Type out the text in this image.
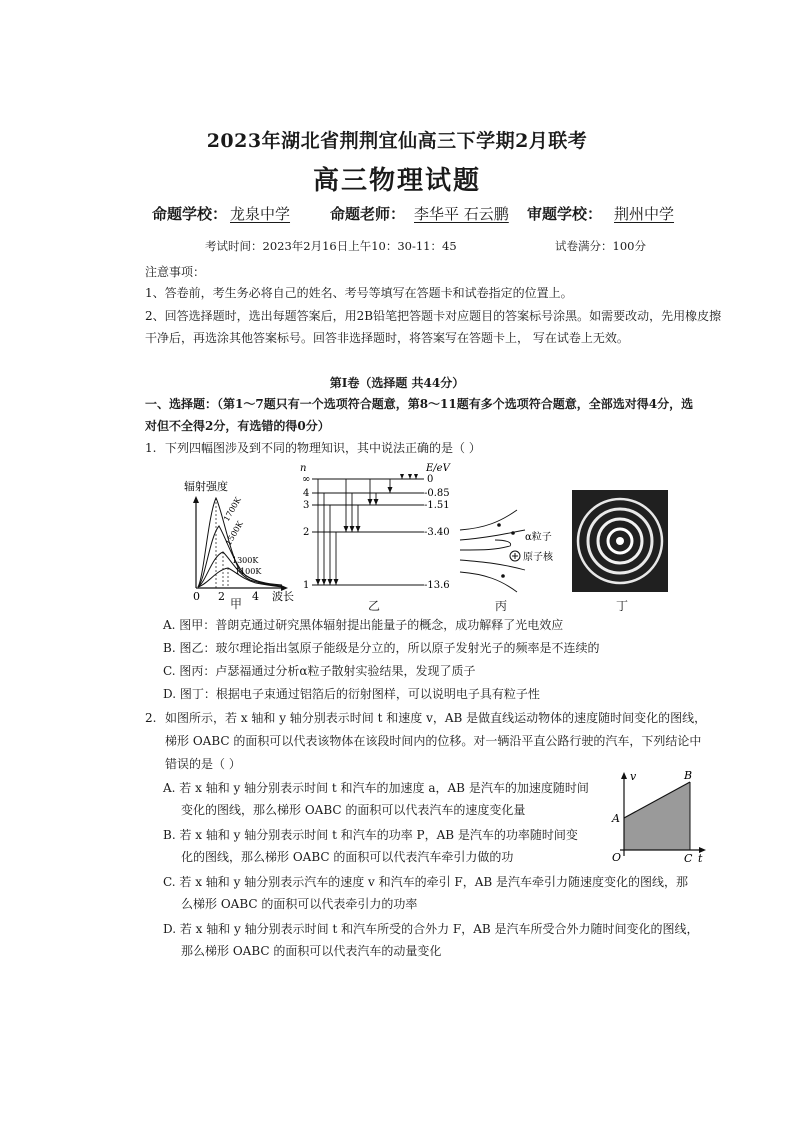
2023年湖北省荆荆宜仙高三下学期2月联考
高三物理试题
命题学校： 龙泉中学	命题老师： 李华平 石云鹏 审题学校： 荆州中学
考试时间：2023年2月16日上午10：30-11：45	试卷满分：100分
注意事项：
1、答卷前，考生务必将自己的姓名、考号等填写在答题卡和试卷指定的位置上。
2、回答选择题时，选出每题答案后，用2B铅笔把答题卡对应题目的答案标号涂黑。如需要改动，先用橡皮擦
干净后，再选涂其他答案标号。回答非选择题时，将答案写在答题卡上， 写在试卷上无效。
第Ⅰ卷（选择题 共44分）
一、选择题：（第1～7题只有一个选项符合题意，第8～11题有多个选项符合题意，全部选对得4分，选
对但不全得2分，有选错的得0分）
1. 下列四幅图涉及到不同的物理知识，其中说法正确的是（ ）
辐射强度
1700K
1500K
1300K
1100K
0 2 4 波长
甲
n	E/eV
∞
4
3
2
1
0
-0.85
-1.51
-3.40
-13.6
乙
α粒子
原子核
丙	丁
A. 图甲：普朗克通过研究黑体辐射提出能量子的概念，成功解释了光电效应
B. 图乙：玻尔理论指出氢原子能级是分立的，所以原子发射光子的频率是不连续的
C. 图丙：卢瑟福通过分析α粒子散射实验结果，发现了质子
D. 图丁：根据电子束通过铝箔后的衍射图样，可以说明电子具有粒子性
2. 如图所示，若 x 轴和 y 轴分别表示时间 t 和速度 v，AB 是做直线运动物体的速度随时间变化的图线，
梯形 OABC 的面积可以代表该物体在该段时间内的位移。对一辆沿平直公路行驶的汽车，下列结论中
错误的是（ ）
v
t
O
A
B
C
A. 若 x 轴和 y 轴分别表示时间 t 和汽车的加速度 a，AB 是汽车的加速度随时间
变化的图线，那么梯形 OABC 的面积可以代表汽车的速度变化量
B. 若 x 轴和 y 轴分别表示时间 t 和汽车的功率 P，AB 是汽车的功率随时间变
化的图线，那么梯形 OABC 的面积可以代表汽车牵引力做的功
C. 若 x 轴和 y 轴分别表示汽车的速度 v 和汽车的牵引 F，AB 是汽车牵引力随速度变化的图线，那
么梯形 OABC 的面积可以代表牵引力的功率
D. 若 x 轴和 y 轴分别表示时间 t 和汽车所受的合外力 F，AB 是汽车所受合外力随时间变化的图线，
那么梯形 OABC 的面积可以代表汽车的动量变化
